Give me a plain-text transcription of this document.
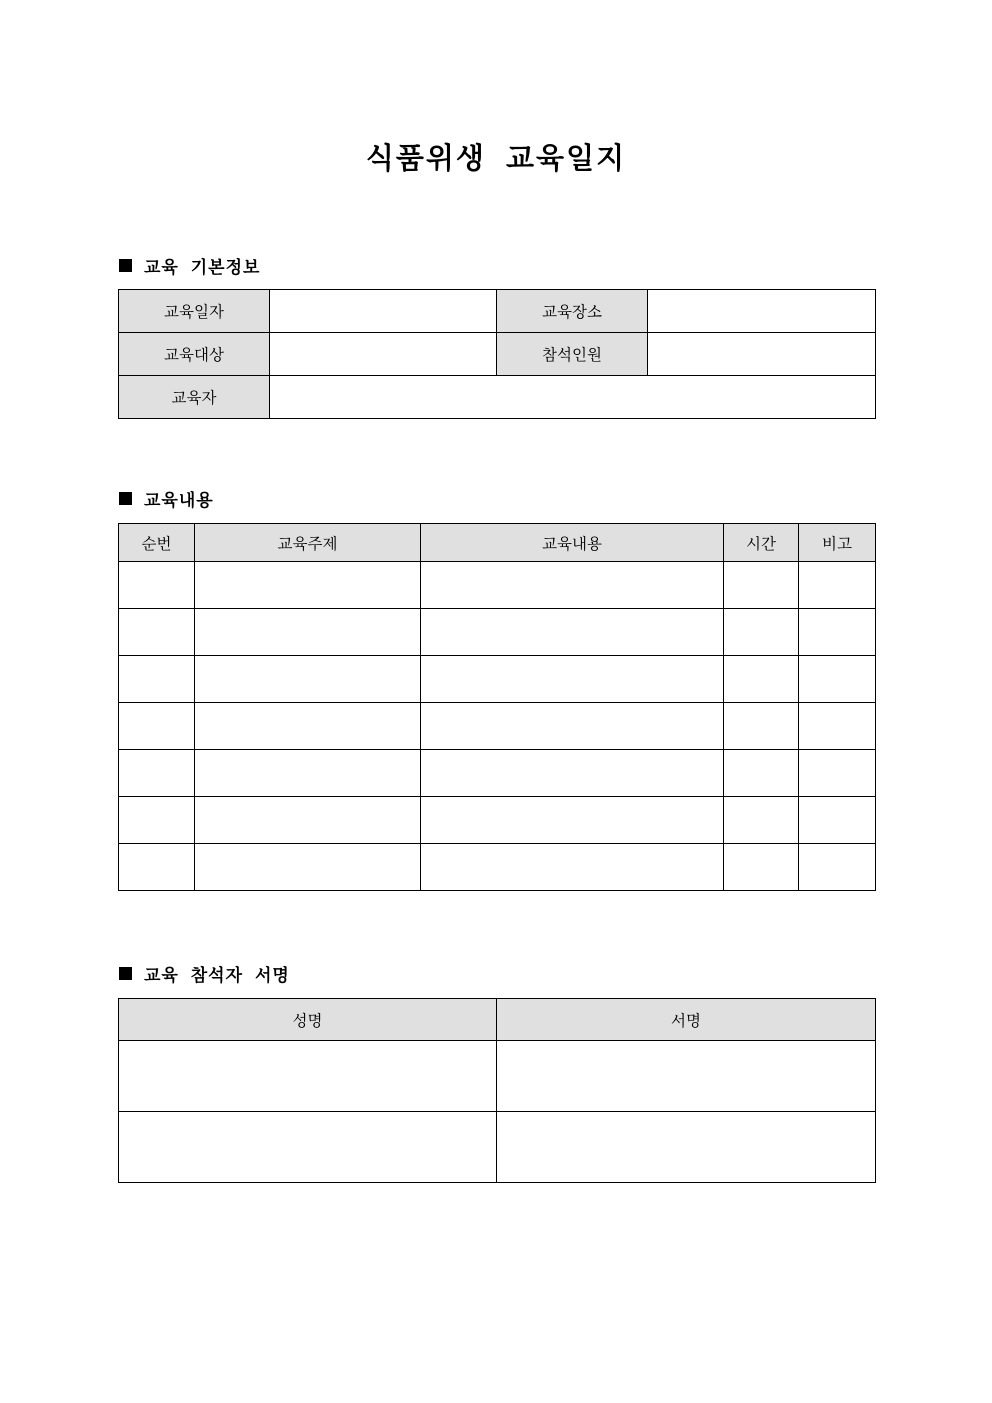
식품위생 교육일지
교육 기본정보
교육일자		교육장소	
교육대상		참석인원	
교육자			
교육내용
순번	교육주제	교육내용	시간	비고

교육 참석자 서명
성명	서명
